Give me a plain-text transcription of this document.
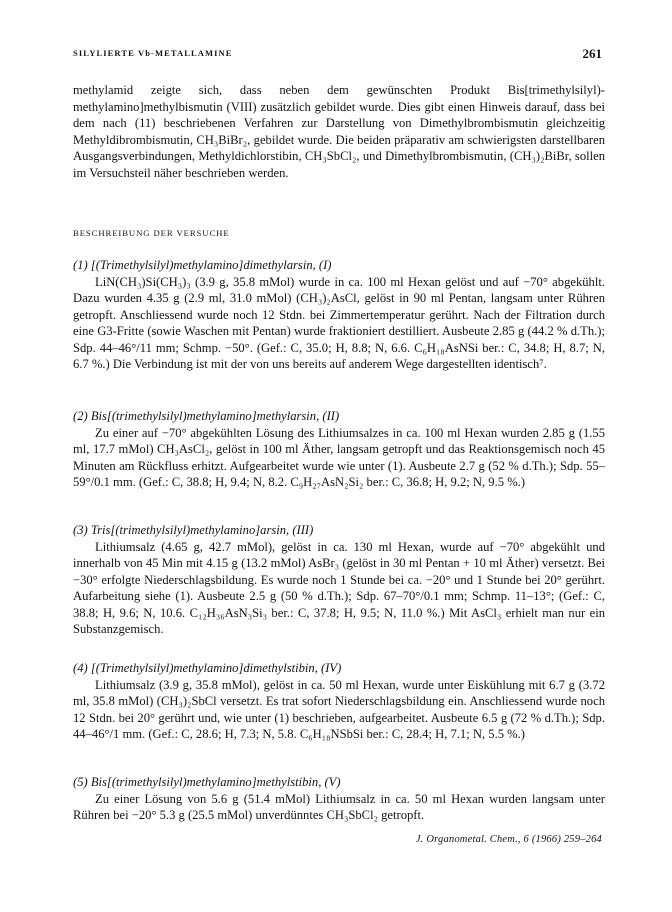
SILYLIERTE Vb-METALLAMINE	261

methylamid zeigte sich, dass neben dem gewünschten Produkt Bis[trimethylsilyl)-methylamino]methylbismutin (VIII) zusätzlich gebildet wurde. Dies gibt einen Hinweis darauf, dass bei dem nach (11) beschriebenen Verfahren zur Darstellung von Dimethylbrombismutin gleichzeitig Methyldibrombismutin, CH₃BiBr₂, gebildet wurde. Die beiden präparativ am schwierigsten darstellbaren Ausgangsverbindungen, Methyldichlorstibin, CH₃SbCl₂, und Dimethylbrombismutin, (CH₃)₂BiBr, sollen im Versuchsteil näher beschrieben werden.

BESCHREIBUNG DER VERSUCHE

(1) [(Trimethylsilyl)methylamino]dimethylarsin, (I)

LiN(CH₃)Si(CH₃)₃ (3.9 g, 35.8 mMol) wurde in ca. 100 ml Hexan gelöst und auf −70° abgekühlt. Dazu wurden 4.35 g (2.9 ml, 31.0 mMol) (CH₃)₂AsCl, gelöst in 90 ml Pentan, langsam unter Rühren getropft. Anschliessend wurde noch 12 Stdn. bei Zimmertemperatur gerührt. Nach der Filtration durch eine G3-Fritte (sowie Waschen mit Pentan) wurde fraktioniert destilliert. Ausbeute 2.85 g (44.2 % d.Th.); Sdp. 44–46°/11 mm; Schmp. −50°. (Gef.: C, 35.0; H, 8.8; N, 6.6. C₆H₁₈AsNSi ber.: C, 34.8; H, 8.7; N, 6.7 %.) Die Verbindung ist mit der von uns bereits auf anderem Wege dargestellten identisch⁷.

(2) Bis[(trimethylsilyl)methylamino]methylarsin, (II)

Zu einer auf −70° abgekühlten Lösung des Lithiumsalzes in ca. 100 ml Hexan wurden 2.85 g (1.55 ml, 17.7 mMol) CH₃AsCl₂, gelöst in 100 ml Äther, langsam getropft und das Reaktionsgemisch noch 45 Minuten am Rückfluss erhitzt. Aufgearbeitet wurde wie unter (1). Ausbeute 2.7 g (52 % d.Th.); Sdp. 55–59°/0.1 mm. (Gef.: C, 38.8; H, 9.4; N, 8.2. C₉H₂₇AsN₂Si₂ ber.: C, 36.8; H, 9.2; N, 9.5 %.)

(3) Tris[(trimethylsilyl)methylamino]arsin, (III)

Lithiumsalz (4.65 g, 42.7 mMol), gelöst in ca. 130 ml Hexan, wurde auf −70° abgekühlt und innerhalb von 45 Min mit 4.15 g (13.2 mMol) AsBr₃ (gelöst in 30 ml Pentan + 10 ml Äther) versetzt. Bei −30° erfolgte Niederschlagsbildung. Es wurde noch 1 Stunde bei ca. −20° und 1 Stunde bei 20° gerührt. Aufarbeitung siehe (1). Ausbeute 2.5 g (50 % d.Th.); Sdp. 67–70°/0.1 mm; Schmp. 11–13°; (Gef.: C, 38.8; H, 9.6; N, 10.6. C₁₂H₃₆AsN₃Si₃ ber.: C, 37.8; H, 9.5; N, 11.0 %.) Mit AsCl₃ erhielt man nur ein Substanzgemisch.

(4) [(Trimethylsilyl)methylamino]dimethylstibin, (IV)

Lithiumsalz (3.9 g, 35.8 mMol), gelöst in ca. 50 ml Hexan, wurde unter Eiskühlung mit 6.7 g (3.72 ml, 35.8 mMol) (CH₃)₂SbCl versetzt. Es trat sofort Niederschlagsbildung ein. Anschliessend wurde noch 12 Stdn. bei 20° gerührt und, wie unter (1) beschrieben, aufgearbeitet. Ausbeute 6.5 g (72 % d.Th.); Sdp. 44–46°/1 mm. (Gef.: C, 28.6; H, 7.3; N, 5.8. C₆H₁₈NSbSi ber.: C, 28.4; H, 7.1; N, 5.5 %.)

(5) Bis[(trimethylsilyl)methylamino]methylstibin, (V)

Zu einer Lösung von 5.6 g (51.4 mMol) Lithiumsalz in ca. 50 ml Hexan wurden langsam unter Rühren bei −20° 5.3 g (25.5 mMol) unverdünntes CH₃SbCl₂ getropft.

J. Organometal. Chem., 6 (1966) 259–264
